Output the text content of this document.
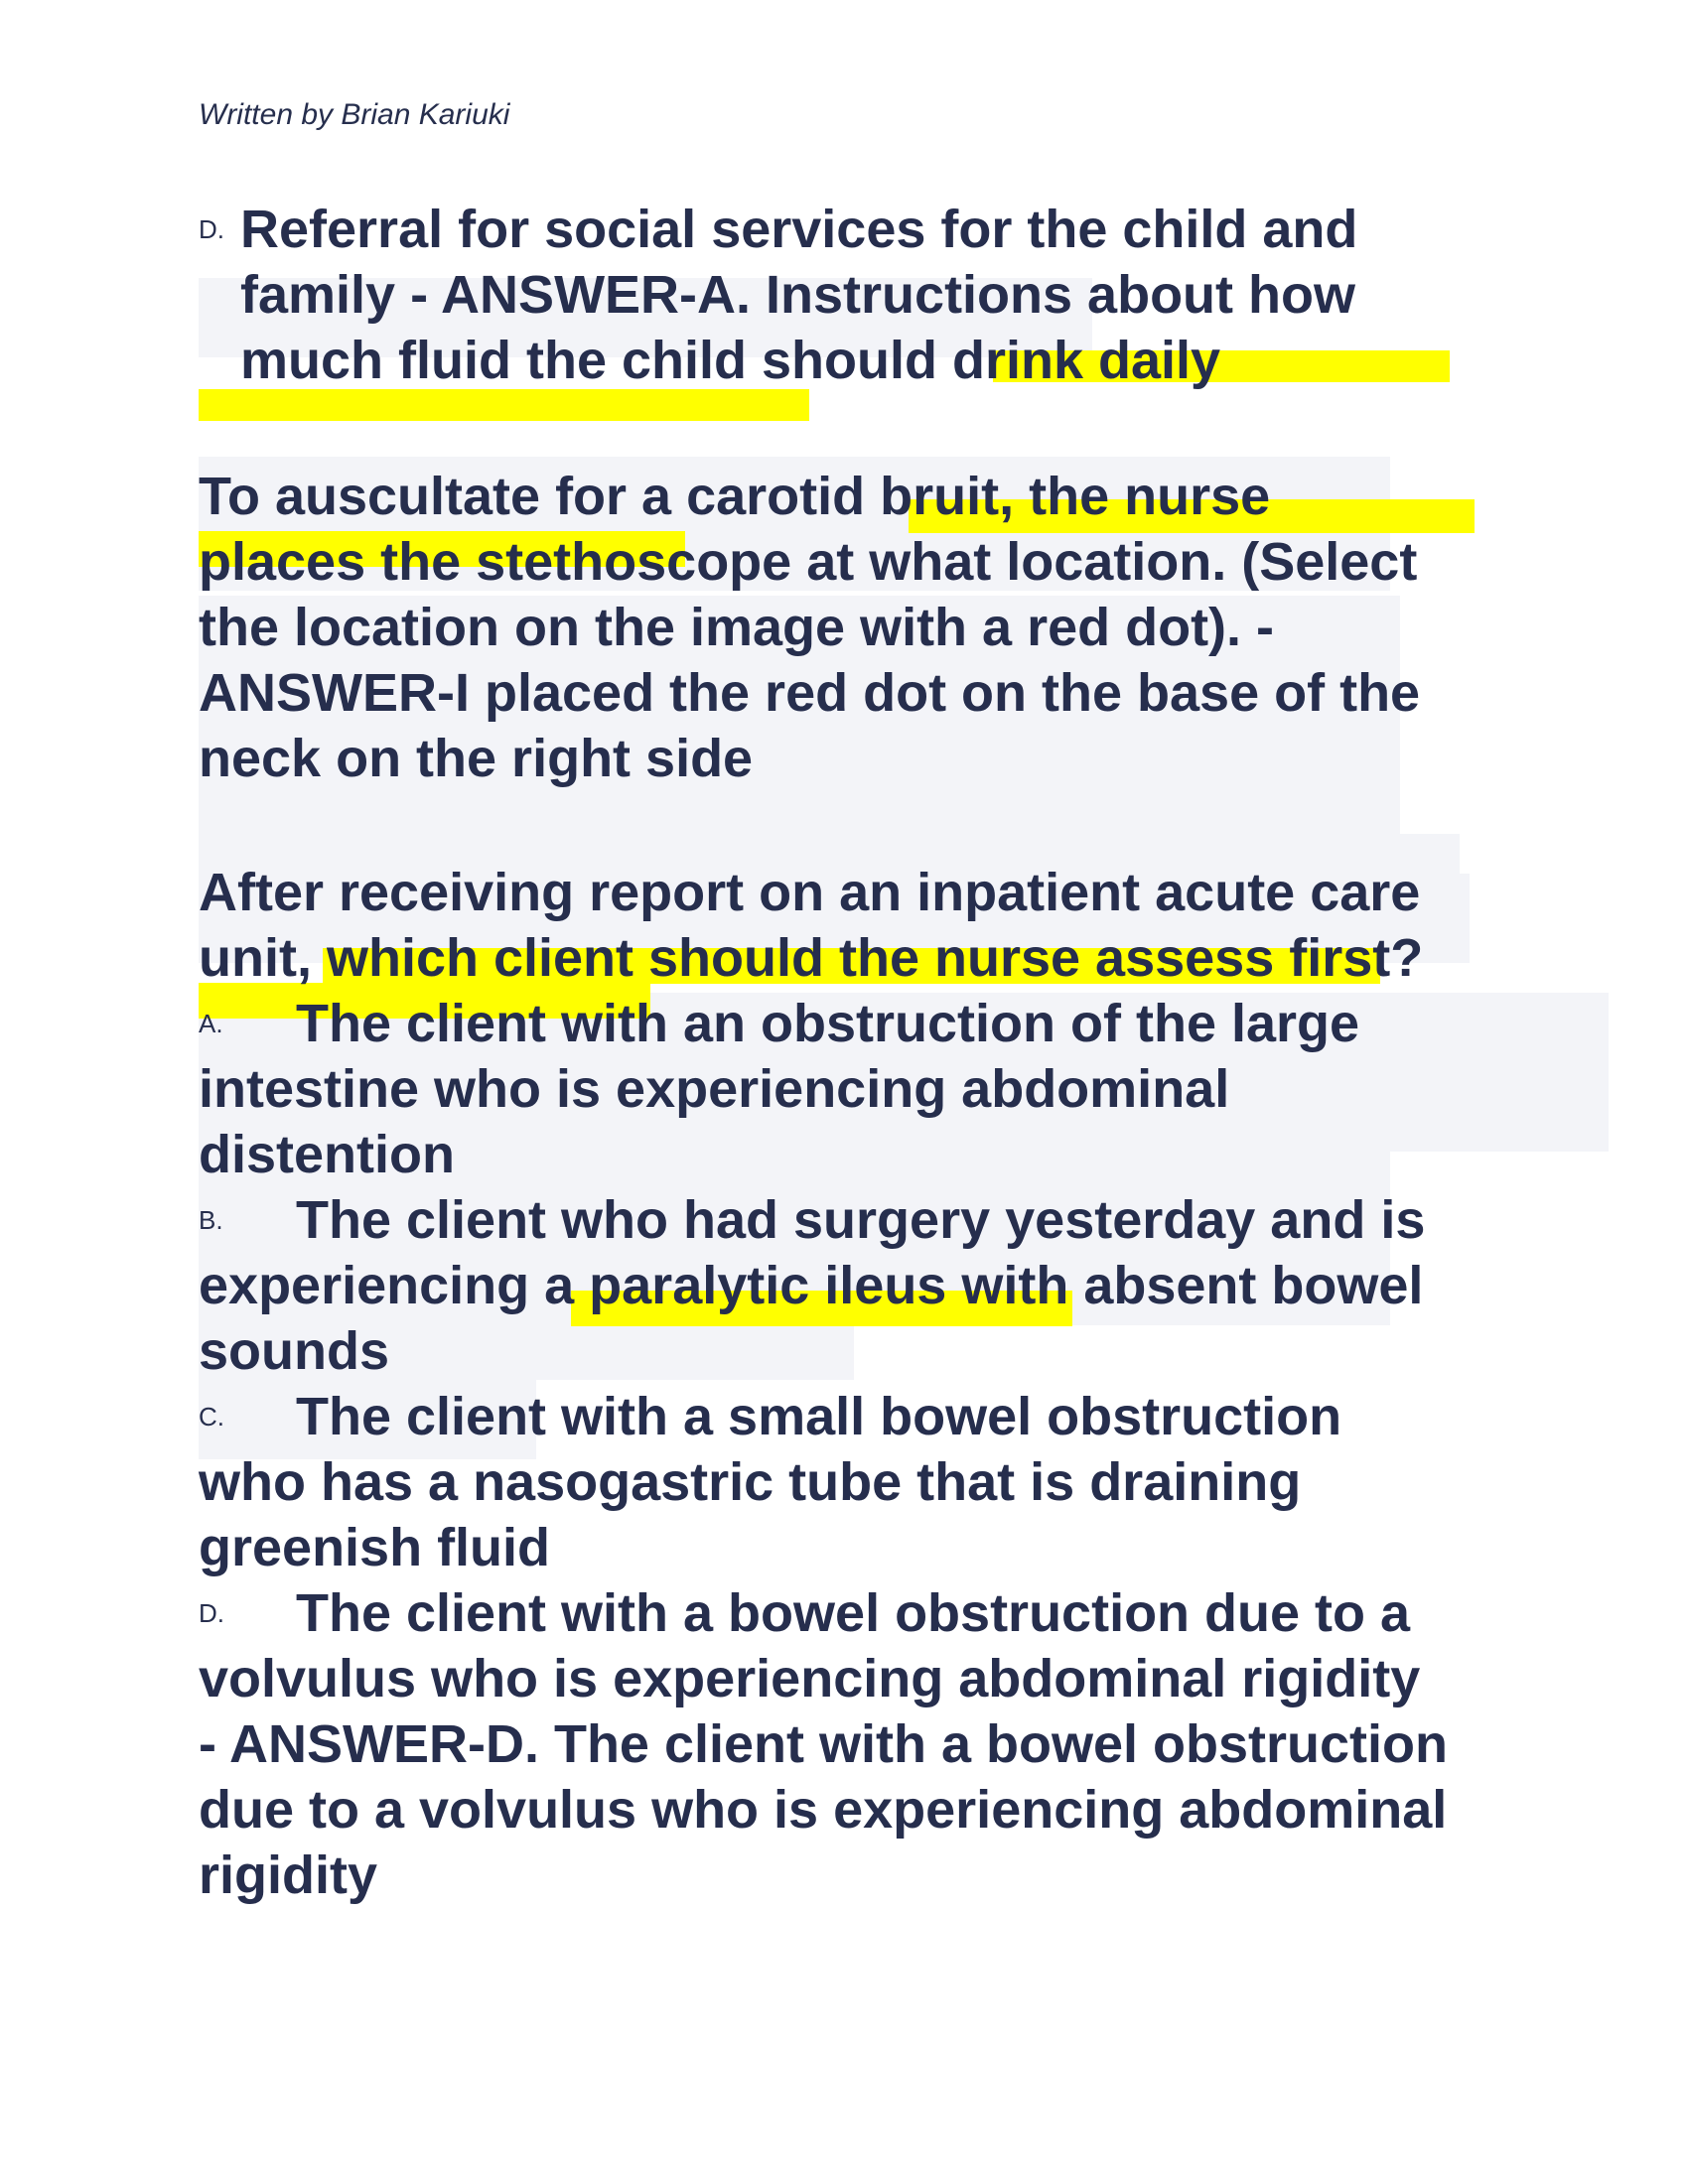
Written by Brian Kariuki
D. Referral for social services for the child and
family - ANSWER-A. Instructions about how
much fluid the child should drink daily
To auscultate for a carotid bruit, the nurse
places the stethoscope at what location. (Select
the location on the image with a red dot). -
ANSWER-I placed the red dot on the base of the
neck on the right side
After receiving report on an inpatient acute care
unit, which client should the nurse assess first?
A. The client with an obstruction of the large
intestine who is experiencing abdominal
distention
B. The client who had surgery yesterday and is
experiencing a paralytic ileus with absent bowel
sounds
C. The client with a small bowel obstruction
who has a nasogastric tube that is draining
greenish fluid
D. The client with a bowel obstruction due to a
volvulus who is experiencing abdominal rigidity
- ANSWER-D. The client with a bowel obstruction
due to a volvulus who is experiencing abdominal
rigidity
